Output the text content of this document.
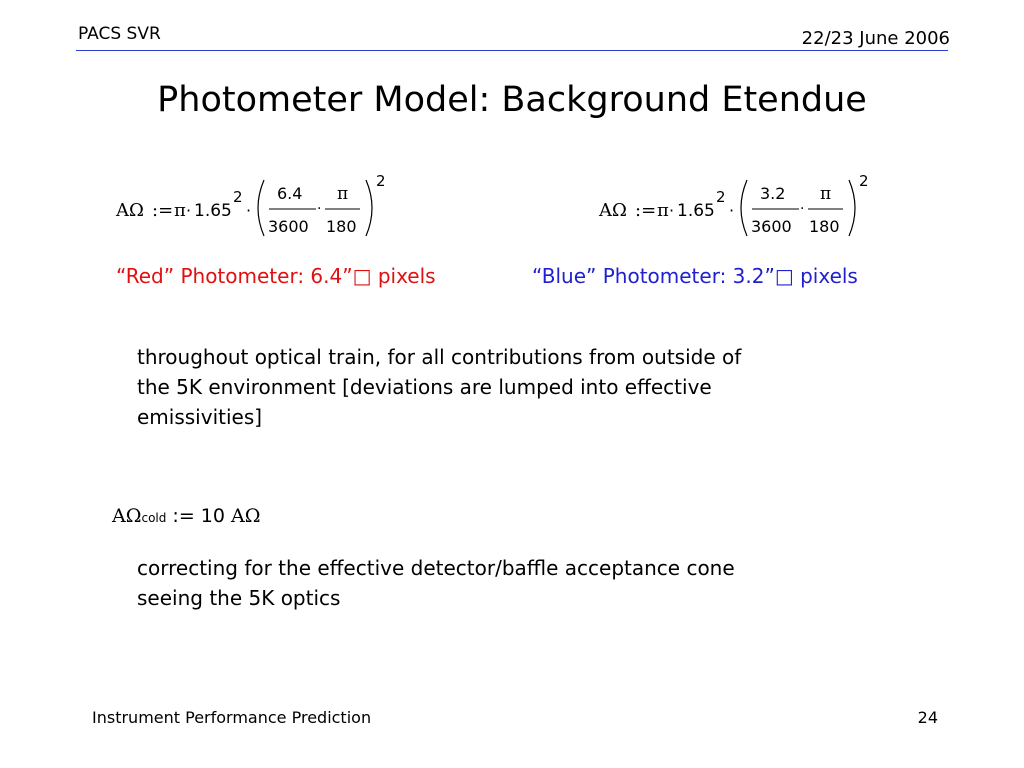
PACS SVR	22/23 June 2006
Photometer Model: Background Etendue
AΩ := π · 1.65
2
·
6.4
3600
·
π
180
2
AΩ := π · 1.65
2
·
3.2
3600
·
π
180
2
“Red” Photometer: 6.4”□ pixels	“Blue” Photometer: 3.2”□ pixels
throughout optical train, for all contributions from outside of the 5K environment [deviations are lumped into effective emissivities]
AΩcold := 10 AΩ
correcting for the effective detector/baffle acceptance cone seeing the 5K optics
Instrument Performance Prediction	24
